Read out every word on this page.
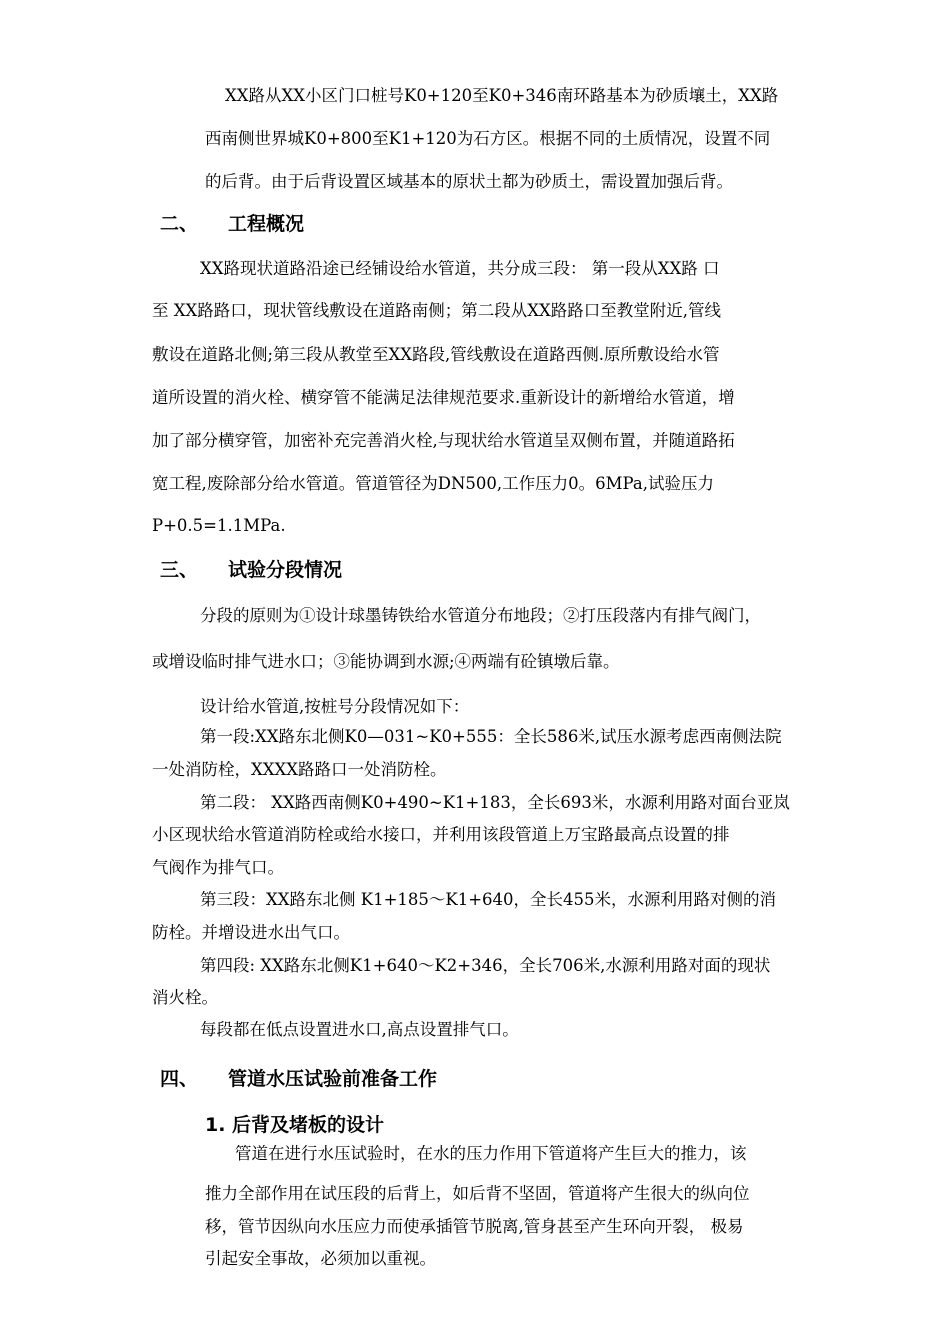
XX路从XX小区门口桩号K0+120至K0+346南环路基本为砂质壤土，XX路
西南侧世界城K0+800至K1+120为石方区。根据不同的土质情况，设置不同
的后背。由于后背设置区域基本的原状土都为砂质土，需设置加强后背。
二、 工程概况
XX路现状道路沿途已经铺设给水管道，共分成三段： 第一段从XX路 口
至 XX路路口，现状管线敷设在道路南侧；第二段从XX路路口至教堂附近,管线
敷设在道路北侧;第三段从教堂至XX路段,管线敷设在道路西侧.原所敷设给水管
道所设置的消火栓、横穿管不能满足法律规范要求.重新设计的新增给水管道，增
加了部分横穿管，加密补充完善消火栓,与现状给水管道呈双侧布置，并随道路拓
宽工程,废除部分给水管道。管道管径为DN500,工作压力0。6MPa,试验压力
P+0.5=1.1MPa.
三、 试验分段情况
分段的原则为①设计球墨铸铁给水管道分布地段；②打压段落内有排气阀门，
或增设临时排气进水口；③能协调到水源;④两端有砼镇墩后靠。
设计给水管道,按桩号分段情况如下：
第一段:XX路东北侧K0—031~K0+555：全长586米,试压水源考虑西南侧法院
一处消防栓，XXXX路路口一处消防栓。
第二段： XX路西南侧K0+490~K1+183，全长693米，水源利用路对面台亚岚
小区现状给水管道消防栓或给水接口，并利用该段管道上万宝路最高点设置的排
气阀作为排气口。
第三段：XX路东北侧 K1+185～K1+640，全长455米，水源利用路对侧的消
防栓。并增设进水出气口。
第四段: XX路东北侧K1+640～K2+346，全长706米,水源利用路对面的现状
消火栓。
每段都在低点设置进水口,高点设置排气口。
四、 管道水压试验前准备工作
1. 后背及堵板的设计
管道在进行水压试验时，在水的压力作用下管道将产生巨大的推力，该
推力全部作用在试压段的后背上，如后背不坚固，管道将产生很大的纵向位
移，管节因纵向水压应力而使承插管节脱离,管身甚至产生环向开裂， 极易
引起安全事故，必须加以重视。
